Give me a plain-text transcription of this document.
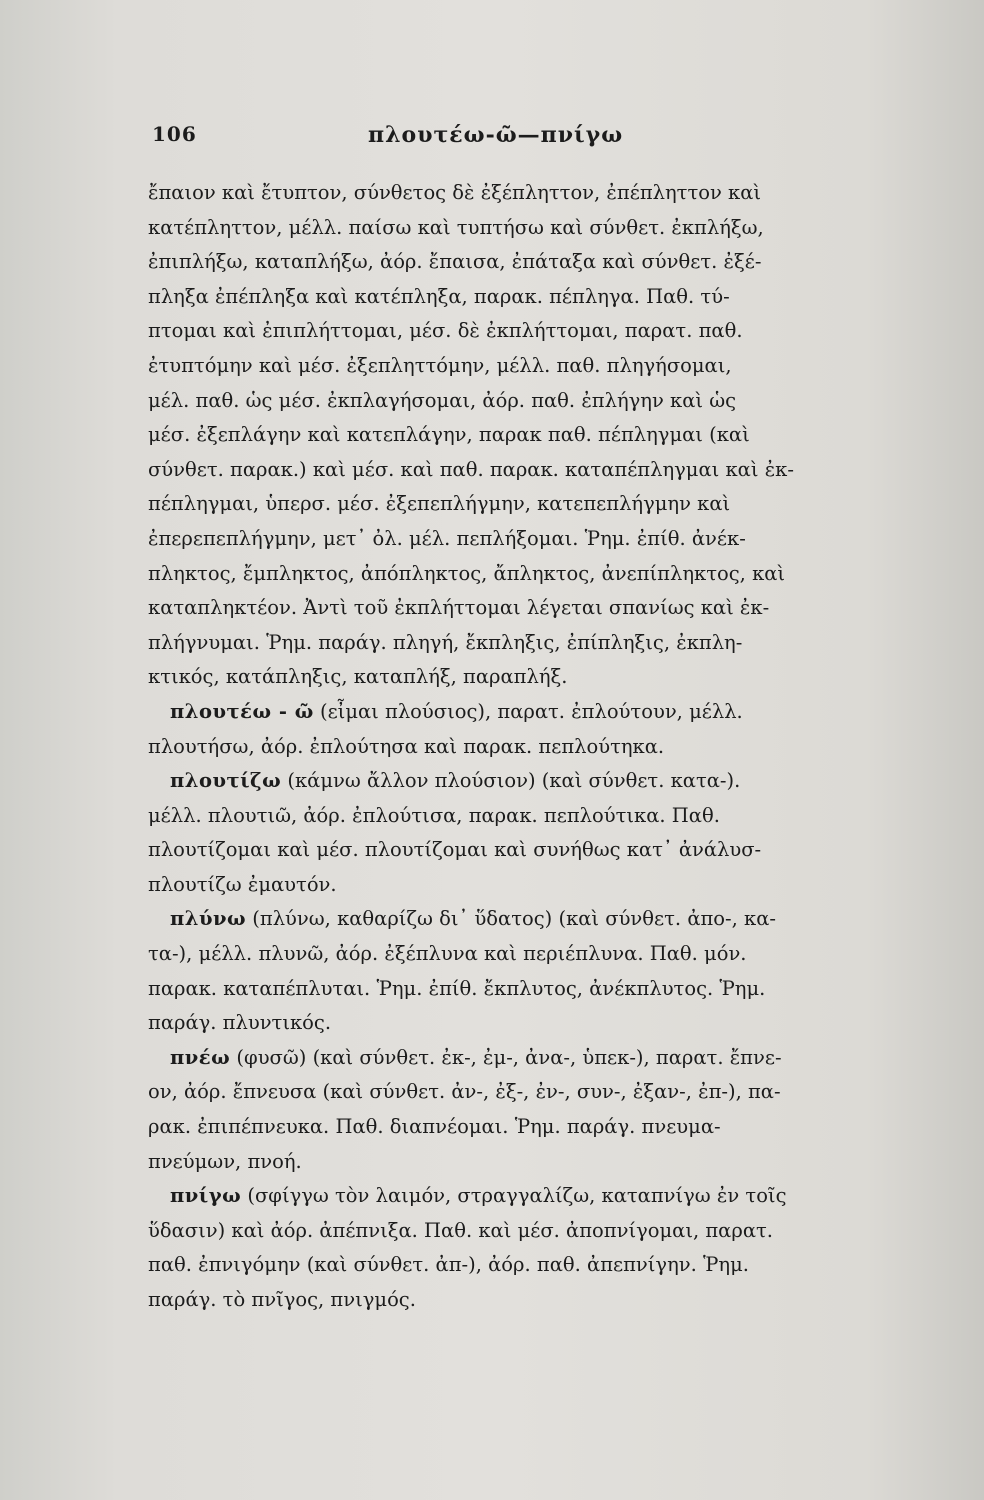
106	πλουτέω-ῶ—πνίγω
ἔπαιον καὶ ἔτυπτον, σύνθετος δὲ ἐξέπληττον, ἐπέπληττον καὶ
κατέπληττον, μέλλ. παίσω καὶ τυπτήσω καὶ σύνθετ. ἐκπλήξω,
ἐπιπλήξω, καταπλήξω, ἀόρ. ἔπαισα, ἐπάταξα καὶ σύνθετ. ἐξέ-
πληξα ἐπέπληξα καὶ κατέπληξα, παρακ. πέπληγα. Παθ. τύ-
πτομαι καὶ ἐπιπλήττομαι, μέσ. δὲ ἐκπλήττομαι, παρατ. παθ.
ἐτυπτόμην καὶ μέσ. ἐξεπληττόμην, μέλλ. παθ. πληγήσομαι,
μέλ. παθ. ὡς μέσ. ἐκπλαγήσομαι, ἀόρ. παθ. ἐπλήγην καὶ ὡς
μέσ. ἐξεπλάγην καὶ κατεπλάγην, παρακ παθ. πέπληγμαι (καὶ
σύνθετ. παρακ.) καὶ μέσ. καὶ παθ. παρακ. καταπέπληγμαι καὶ ἐκ-
πέπληγμαι, ὑπερσ. μέσ. ἐξεπεπλήγμην, κατεπεπλήγμην καὶ
ἐπερεπεπλήγμην, μετ᾽ ὀλ. μέλ. πεπλήξομαι. Ῥημ. ἐπίθ. ἀνέκ-
πληκτος, ἔμπληκτος, ἀπόπληκτος, ἄπληκτος, ἀνεπίπληκτος, καὶ
καταπληκτέον. Ἀντὶ τοῦ ἐκπλήττομαι λέγεται σπανίως καὶ ἐκ-
πλήγνυμαι. Ῥημ. παράγ. πληγή, ἔκπληξις, ἐπίπληξις, ἐκπλη-
κτικός, κατάπληξις, καταπλήξ, παραπλήξ.
πλουτέω - ῶ (εἶμαι πλούσιος), παρατ. ἐπλούτουν, μέλλ.
πλουτήσω, ἀόρ. ἐπλούτησα καὶ παρακ. πεπλούτηκα.
πλουτίζω (κάμνω ἄλλον πλούσιον) (καὶ σύνθετ. κατα-).
μέλλ. πλουτιῶ, ἀόρ. ἐπλούτισα, παρακ. πεπλούτικα. Παθ.
πλουτίζομαι καὶ μέσ. πλουτίζομαι καὶ συνήθως κατ᾽ ἀνάλυσ-
πλουτίζω ἐμαυτόν.
πλύνω (πλύνω, καθαρίζω δι᾽ ὕδατος) (καὶ σύνθετ. ἀπο-, κα-
τα-), μέλλ. πλυνῶ, ἀόρ. ἐξέπλυνα καὶ περιέπλυνα. Παθ. μόν.
παρακ. καταπέπλυται. Ῥημ. ἐπίθ. ἔκπλυτος, ἀνέκπλυτος. Ῥημ.
παράγ. πλυντικός.
πνέω (φυσῶ) (καὶ σύνθετ. ἐκ-, ἐμ-, ἀνα-, ὑπεκ-), παρατ. ἔπνε-
ον, ἀόρ. ἔπνευσα (καὶ σύνθετ. ἀν-, ἐξ-, ἐν-, συν-, ἐξαν-, ἐπ-), πα-
ρακ. ἐπιπέπνευκα. Παθ. διαπνέομαι. Ῥημ. παράγ. πνευμα-
πνεύμων, πνοή.
πνίγω (σφίγγω τὸν λαιμόν, στραγγαλίζω, καταπνίγω ἐν τοῖς
ὕδασιν) καὶ ἀόρ. ἀπέπνιξα. Παθ. καὶ μέσ. ἀποπνίγομαι, παρατ.
παθ. ἐπνιγόμην (καὶ σύνθετ. ἀπ-), ἀόρ. παθ. ἀπεπνίγην. Ῥημ.
παράγ. τὸ πνῖγος, πνιγμός.
